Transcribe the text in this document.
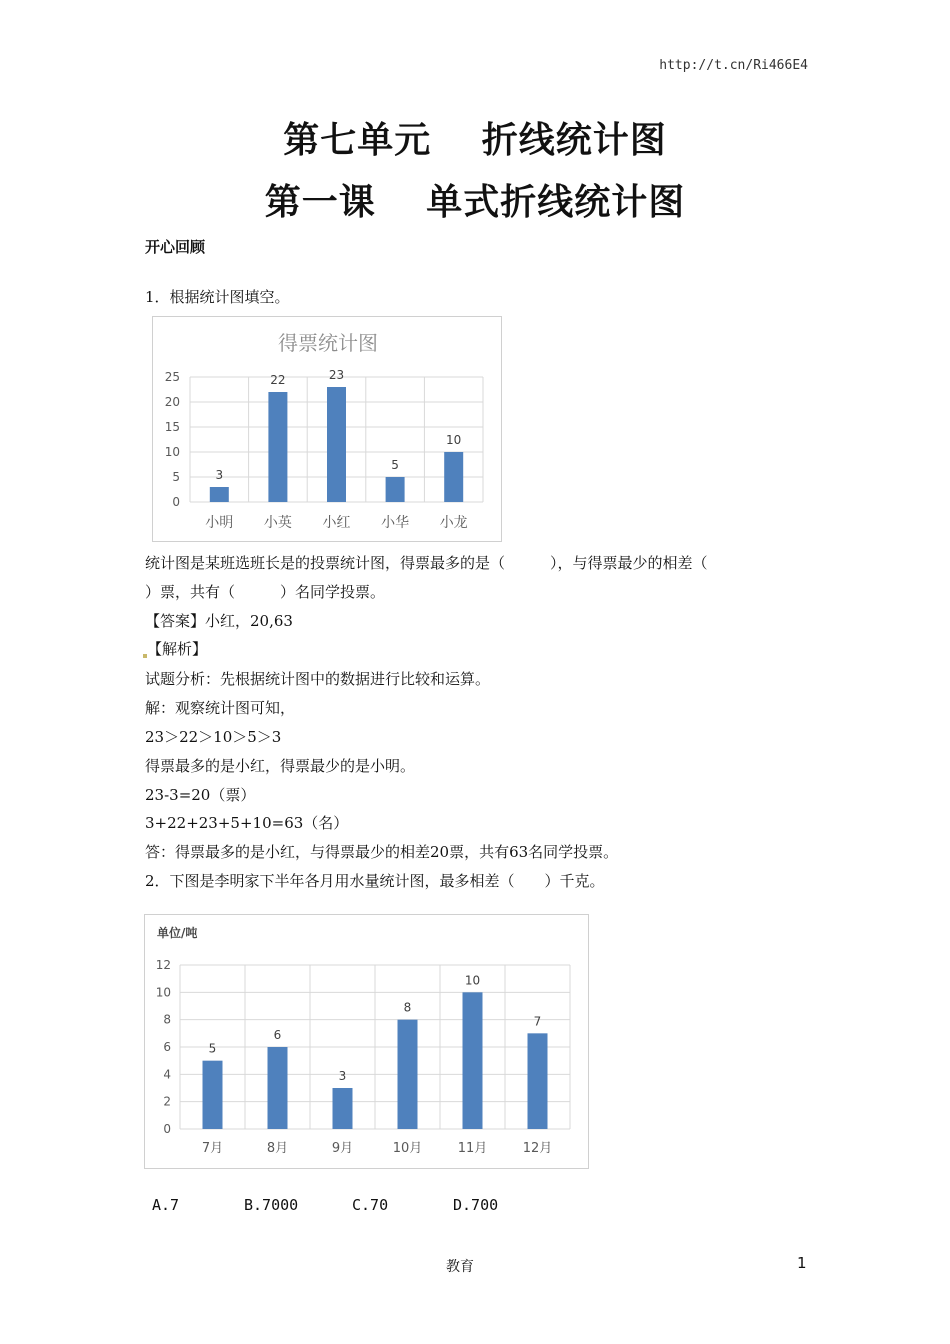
http://t.cn/Ri466E4
第七单元　 折线统计图
第一课　 单式折线统计图
开心回顾
1．根据统计图填空。
得票统计图
0
5
10
15
20
25
3
小明
22
小英
23
小红
5
小华
10
小龙
统计图是某班选班长是的投票统计图，得票最多的是（　　　），与得票最少的相差（
）票，共有（　　　）名同学投票。
【答案】小红，20,63
【解析】
试题分析：先根据统计图中的数据进行比较和运算。
解：观察统计图可知，
23＞22＞10＞5＞3
得票最多的是小红，得票最少的是小明。
23-3=20（票）
3+22+23+5+10=63（名）
答：得票最多的是小红，与得票最少的相差20票，共有63名同学投票。
2．下图是李明家下半年各月用水量统计图，最多相差（　　）千克。
单位/吨
0
2
4
6
8
10
12
5
7月
6
8月
3
9月
8
10月
10
11月
7
12月
A.7	B.7000	C.70	D.700
教育	1
